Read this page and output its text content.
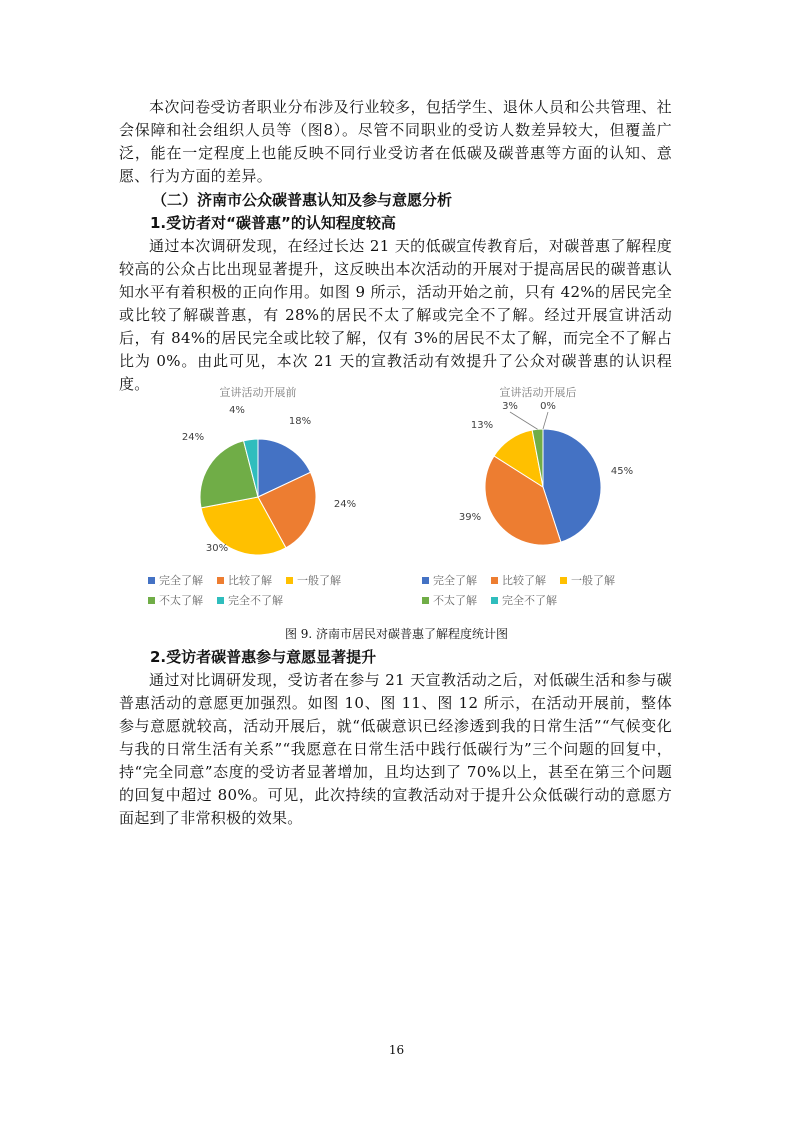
本次问卷受访者职业分布涉及行业较多，包括学生、退休人员和公共管理、社会保障和社会组织人员等（图8）。尽管不同职业的受访人数差异较大，但覆盖广泛，能在一定程度上也能反映不同行业受访者在低碳及碳普惠等方面的认知、意愿、行为方面的差异。
（二）济南市公众碳普惠认知及参与意愿分析
1.受访者对“碳普惠”的认知程度较高
通过本次调研发现，在经过长达 21 天的低碳宣传教育后，对碳普惠了解程度较高的公众占比出现显著提升，这反映出本次活动的开展对于提高居民的碳普惠认知水平有着积极的正向作用。如图 9 所示，活动开始之前，只有 42%的居民完全或比较了解碳普惠，有 28%的居民不太了解或完全不了解。经过开展宣讲活动后，有 84%的居民完全或比较了解，仅有 3%的居民不太了解，而完全不了解占比为 0%。由此可见，本次 21 天的宣教活动有效提升了公众对碳普惠的认识程度。	宣讲活动开展前
18%
24%
30%
24%
4%
宣讲活动开展后
45%
39%
13%
3% 0%
完全了解 比较了解 一般了解
不太了解 完全不了解
完全了解 比较了解 一般了解
不太了解 完全不了解
图 9. 济南市居民对碳普惠了解程度统计图
2.受访者碳普惠参与意愿显著提升
通过对比调研发现，受访者在参与 21 天宣教活动之后，对低碳生活和参与碳普惠活动的意愿更加强烈。如图 10、图 11、图 12 所示，在活动开展前，整体参与意愿就较高，活动开展后，就“低碳意识已经渗透到我的日常生活”“气候变化与我的日常生活有关系”“我愿意在日常生活中践行低碳行为”三个问题的回复中，持“完全同意”态度的受访者显著增加，且均达到了 70%以上，甚至在第三个问题的回复中超过 80%。可见，此次持续的宣教活动对于提升公众低碳行动的意愿方面起到了非常积极的效果。
16
